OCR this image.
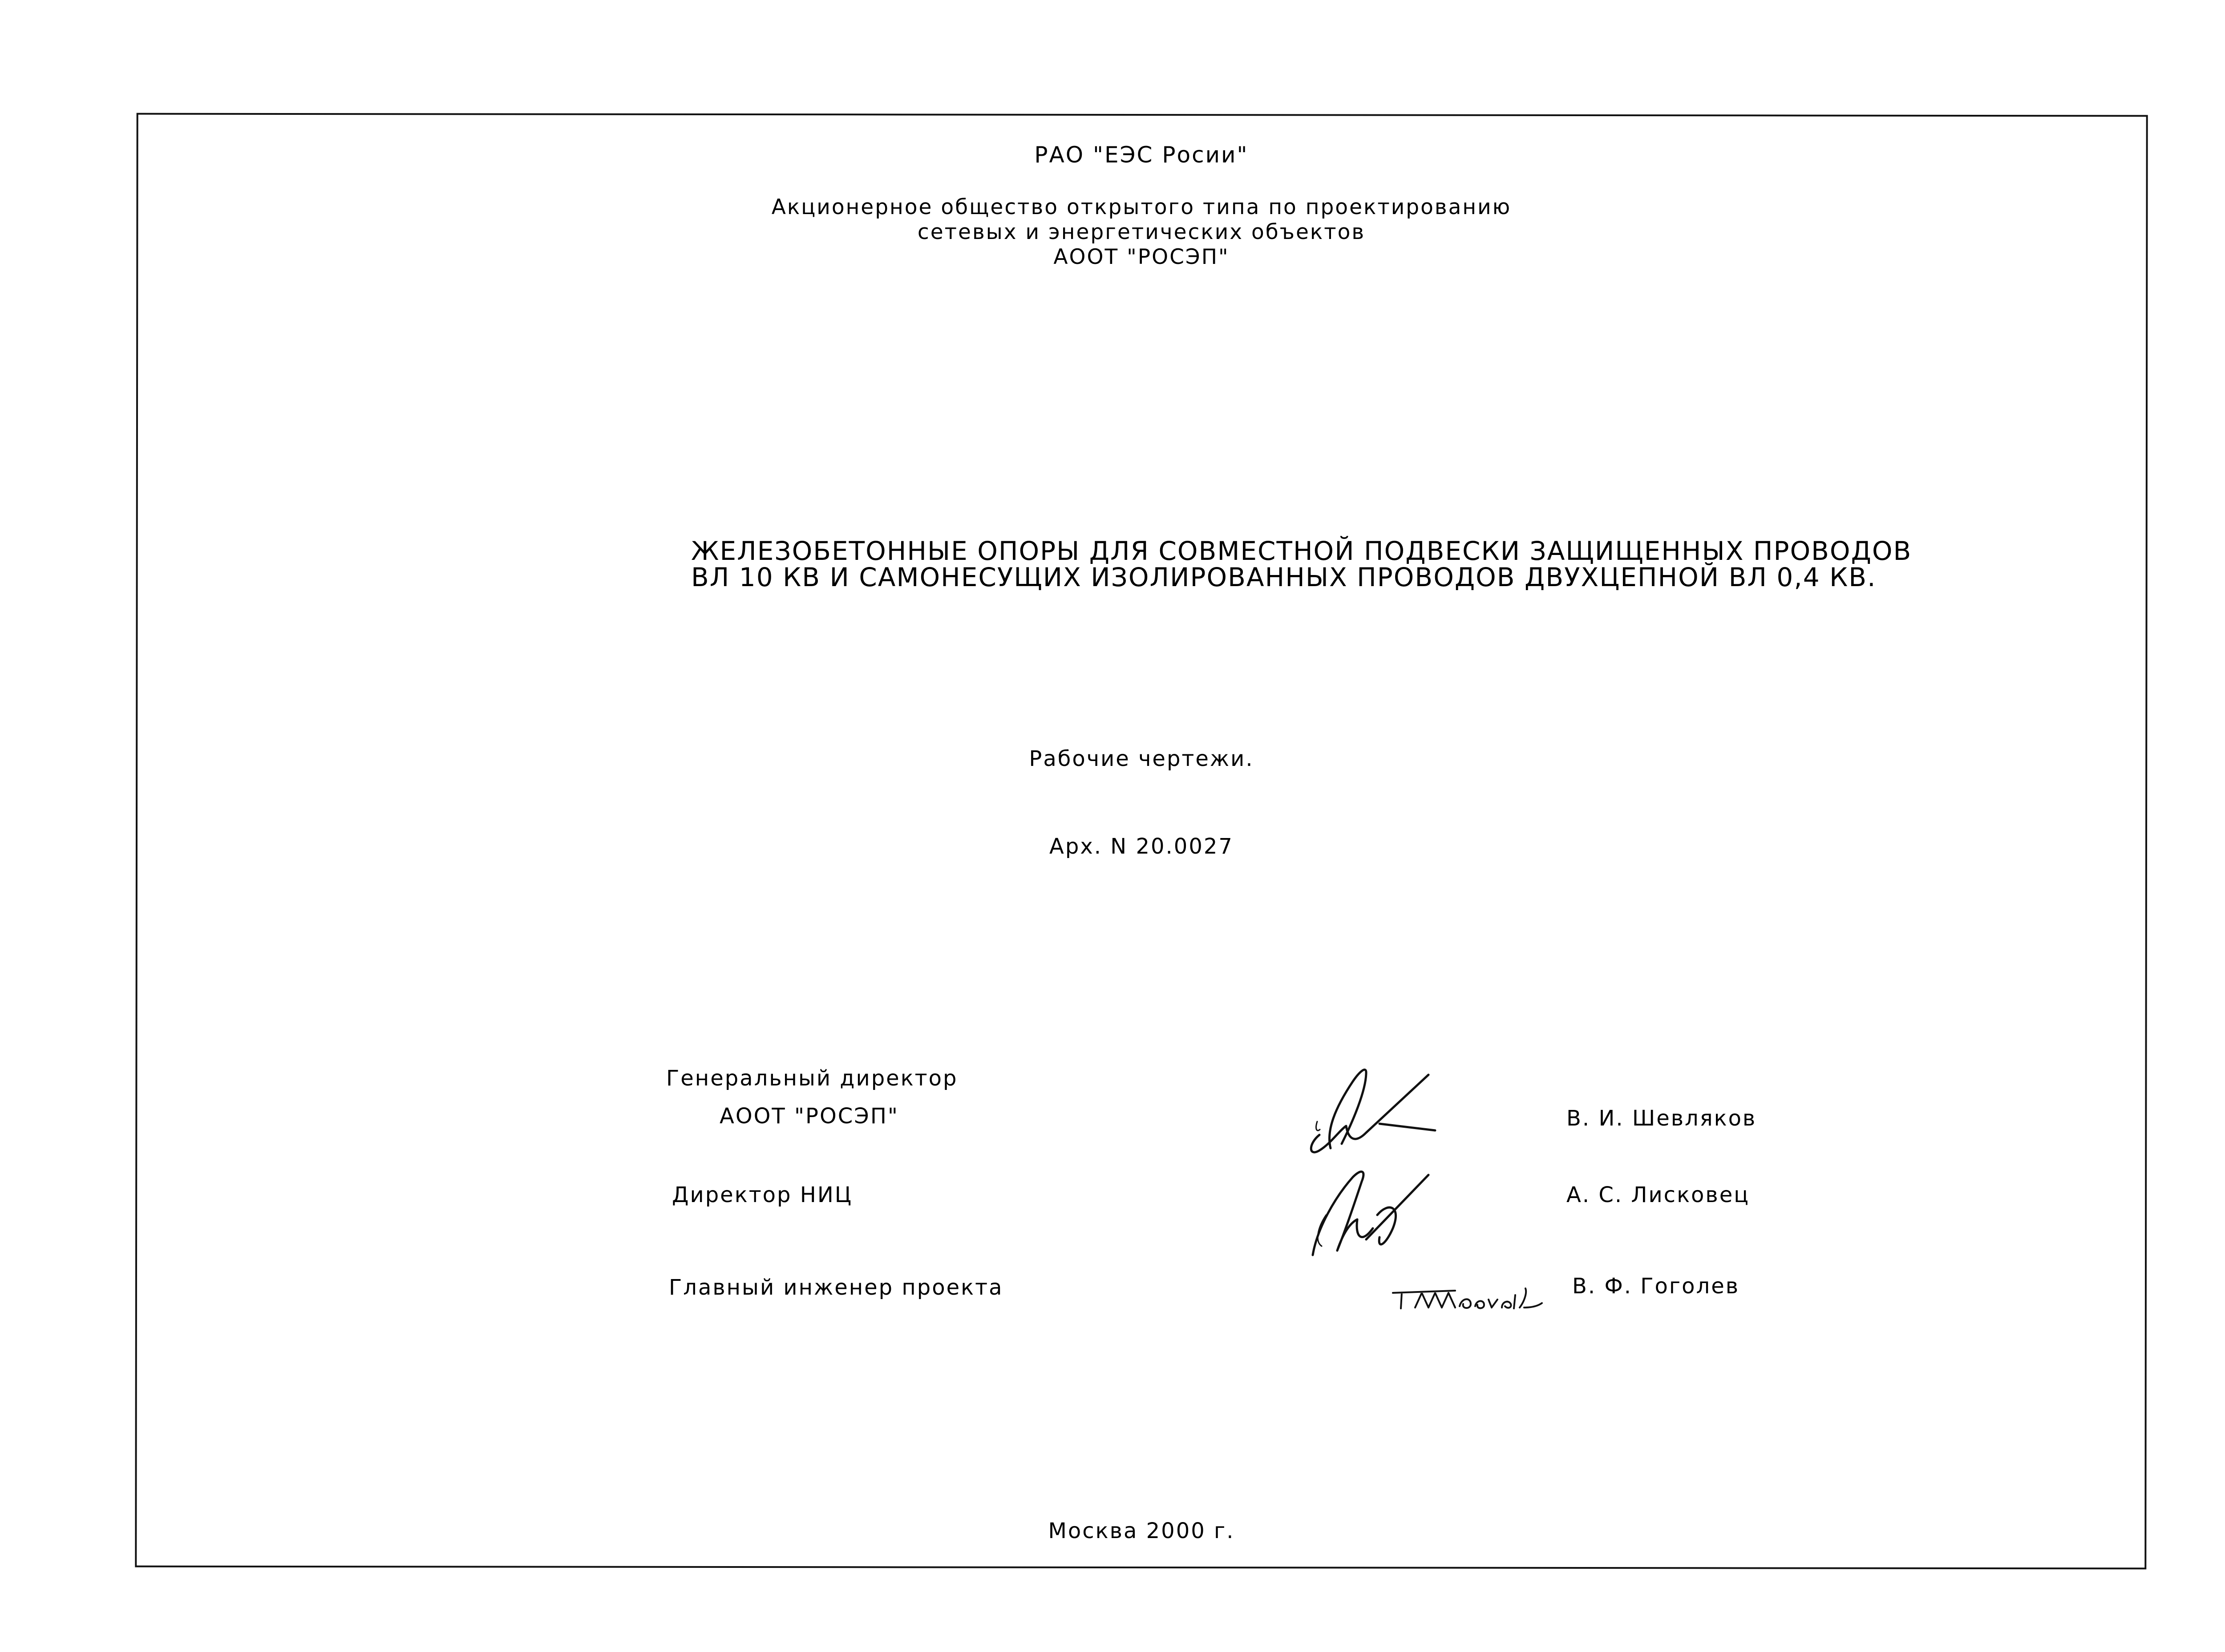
РАО "ЕЭС Росии"
Акционерное общество открытого типа по проектированию
сетевых и энергетических объектов
АООТ "РОСЭП"
ЖЕЛЕЗОБЕТОННЫЕ ОПОРЫ ДЛЯ СОВМЕСТНОЙ ПОДВЕСКИ ЗАЩИЩЕННЫХ ПРОВОДОВ
ВЛ 10 КВ И САМОНЕСУЩИХ ИЗОЛИРОВАННЫХ ПРОВОДОВ ДВУХЦЕПНОЙ ВЛ 0,4 КВ.
Рабочие чертежи.
Арх. N 20.0027
Генеральный директор
АООТ "РОСЭП"	В. И. Шевляков
Директор НИЦ	А. С. Лисковец
Главный инженер проекта	В. Ф. Гоголев
Москва 2000 г.
